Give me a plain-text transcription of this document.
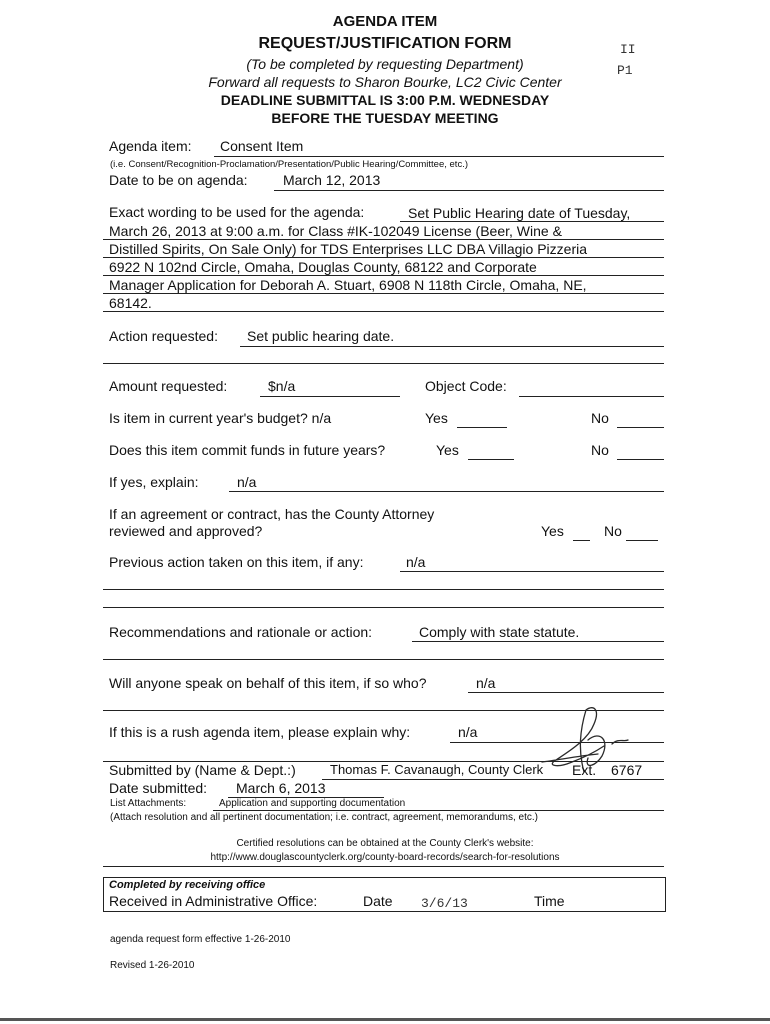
AGENDA ITEM
REQUEST/JUSTIFICATION FORM
(To be completed by requesting Department)
Forward all requests to Sharon Bourke, LC2 Civic Center
DEADLINE SUBMITTAL IS 3:00 P.M. WEDNESDAY
BEFORE THE TUESDAY MEETING
II
P1
Agenda item: Consent Item
(i.e. Consent/Recognition-Proclamation/Presentation/Public Hearing/Committee, etc.)
Date to be on agenda:	March 12, 2013
Exact wording to be used for the agenda:	Set Public Hearing date of Tuesday,
March 26, 2013 at 9:00 a.m. for Class #IK-102049 License (Beer, Wine &
Distilled Spirits, On Sale Only) for TDS Enterprises LLC DBA Villagio Pizzeria
6922 N 102nd Circle, Omaha, Douglas County, 68122 and Corporate
Manager Application for Deborah A. Stuart, 6908 N 118th Circle, Omaha, NE,
68142.
Action requested: Set public hearing date.
Amount requested:	$n/a	Object Code:
Is item in current year's budget? n/a	Yes	No
Does this item commit funds in future years?	Yes	No
If yes, explain:	n/a
If an agreement or contract, has the County Attorney
reviewed and approved?	Yes	No
Previous action taken on this item, if any:	n/a
Recommendations and rationale or action:	Comply with state statute.
Will anyone speak on behalf of this item, if so who?	n/a
If this is a rush agenda item, please explain why:	n/a
Submitted by (Name & Dept.:)	Thomas F. Cavanaugh, County Clerk Ext. 6767
Date submitted: March 6, 2013
List Attachments:	Application and supporting documentation
(Attach resolution and all pertinent documentation; i.e. contract, agreement, memorandums, etc.)
Certified resolutions can be obtained at the County Clerk's website:
http://www.douglascountyclerk.org/county-board-records/search-for-resolutions
Completed by receiving office
Received in Administrative Office:	Date 3/6/13	Time
agenda request form effective 1-26-2010
Revised 1-26-2010
